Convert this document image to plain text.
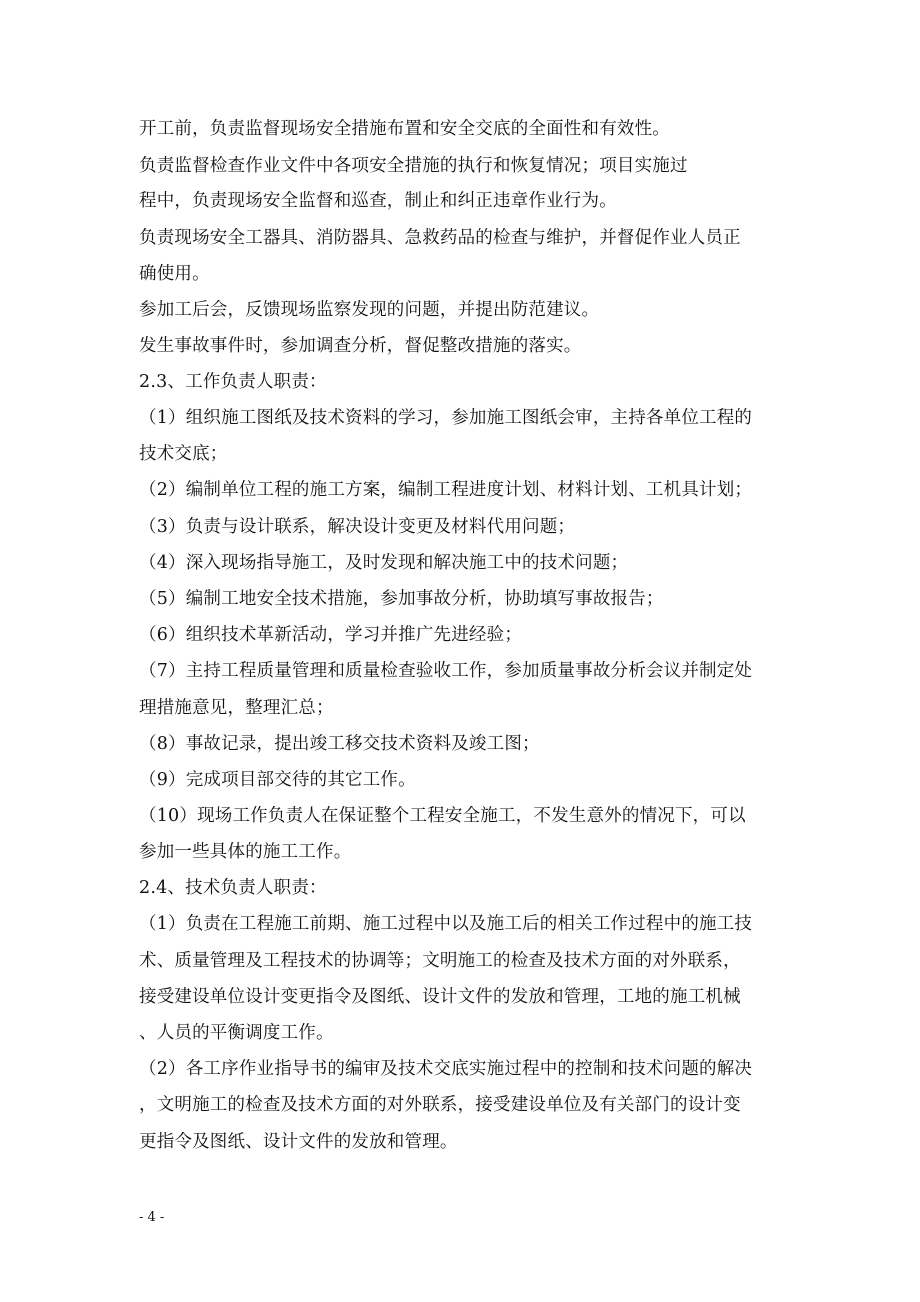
开工前，负责监督现场安全措施布置和安全交底的全面性和有效性。
负责监督检查作业文件中各项安全措施的执行和恢复情况；项目实施过
程中，负责现场安全监督和巡查，制止和纠正违章作业行为。
负责现场安全工器具、消防器具、急救药品的检查与维护，并督促作业人员正
确使用。
参加工后会，反馈现场监察发现的问题，并提出防范建议。
发生事故事件时，参加调查分析，督促整改措施的落实。
2.3、工作负责人职责：
（1）组织施工图纸及技术资料的学习，参加施工图纸会审，主持各单位工程的
技术交底；
（2）编制单位工程的施工方案，编制工程进度计划、材料计划、工机具计划；
（3）负责与设计联系，解决设计变更及材料代用问题；
（4）深入现场指导施工，及时发现和解决施工中的技术问题；
（5）编制工地安全技术措施，参加事故分析，协助填写事故报告；
（6）组织技术革新活动，学习并推广先进经验；
（7）主持工程质量管理和质量检查验收工作，参加质量事故分析会议并制定处
理措施意见，整理汇总；
（8）事故记录，提出竣工移交技术资料及竣工图；
（9）完成项目部交待的其它工作。
（10）现场工作负责人在保证整个工程安全施工，不发生意外的情况下，可以
参加一些具体的施工工作。
2.4、技术负责人职责：
（1）负责在工程施工前期、施工过程中以及施工后的相关工作过程中的施工技
术、质量管理及工程技术的协调等；文明施工的检查及技术方面的对外联系，
接受建设单位设计变更指令及图纸、设计文件的发放和管理，工地的施工机械
、人员的平衡调度工作。
（2）各工序作业指导书的编审及技术交底实施过程中的控制和技术问题的解决
，文明施工的检查及技术方面的对外联系，接受建设单位及有关部门的设计变
更指令及图纸、设计文件的发放和管理。
- 4 -
